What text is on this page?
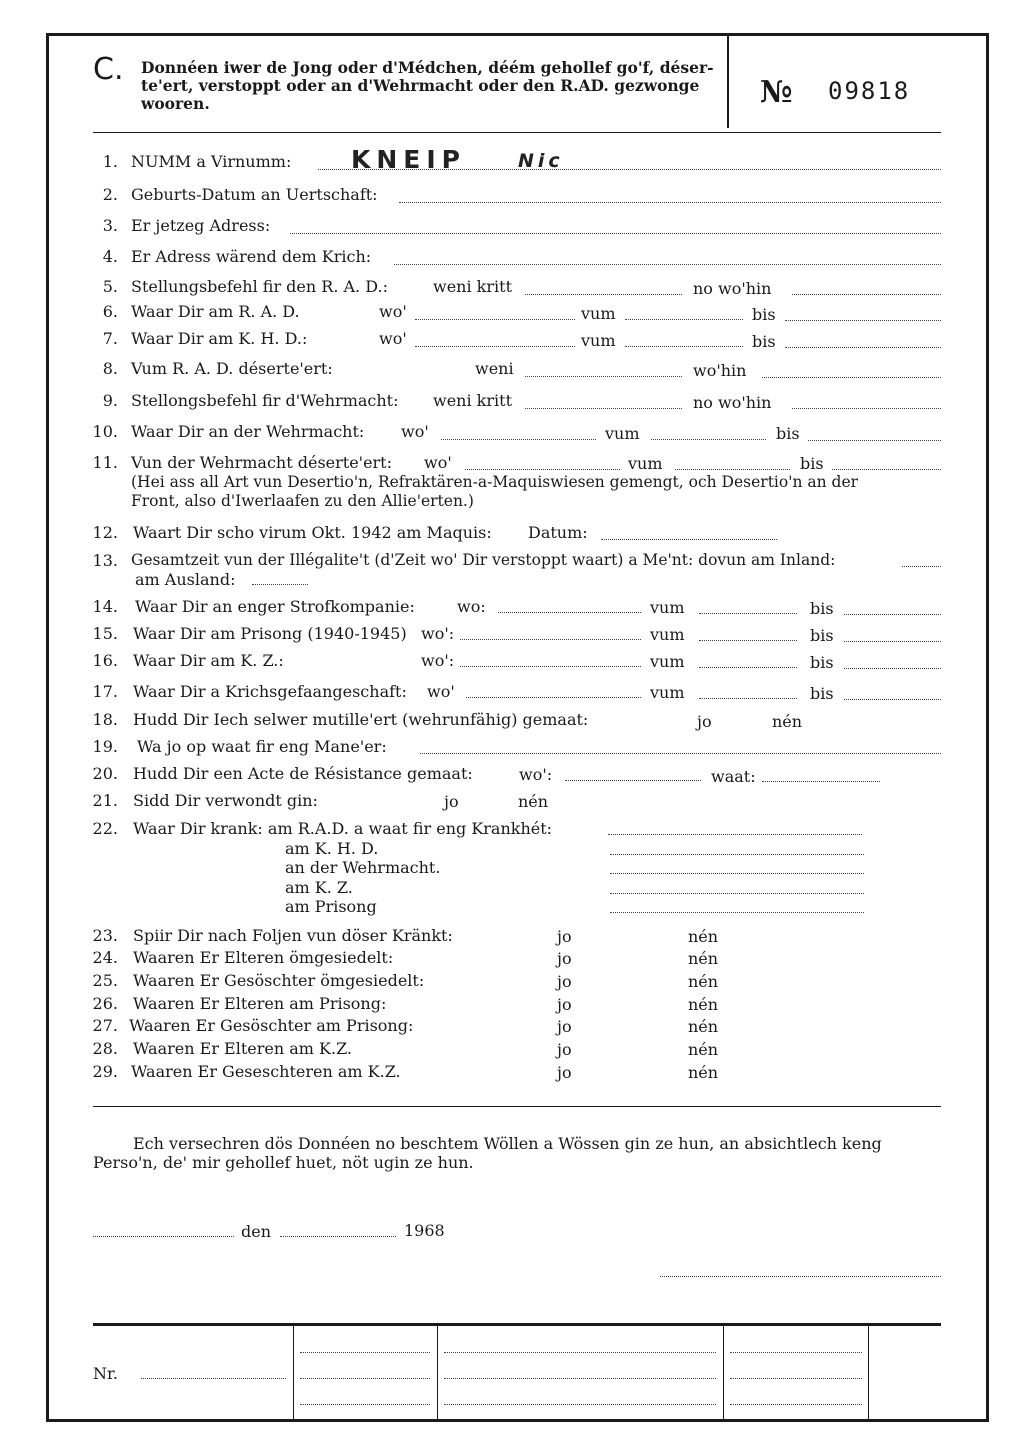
C. Donnéen iwer de Jong oder d'Médchen, déém gehollef go'f, déser-
te'ert, verstoppt oder an d'Wehrmacht oder den R.AD. gezwonge
wooren.	№ 09818
KNEIP	Nic
1. NUMM a Virnumm:
2. Geburts-Datum an Uertschaft:
3. Er jetzeg Adress:
4. Er Adress wärend dem Krich:
5. Stellungsbefehl fir den R. A. D.:	weni kritt	no wo'hin
6. Waar Dir am R. A. D.	wo'	vum	bis
7. Waar Dir am K. H. D.:	wo'	vum	bis
8. Vum R. A. D. déserte'ert:	weni	wo'hin
9. Stellongsbefehl fir d'Wehrmacht: weni kritt	no wo'hin
10. Waar Dir an der Wehrmacht: wo'	vum	bis
11. Vun der Wehrmacht déserte'ert: wo'	vum	bis
(Hei ass all Art vun Desertio'n, Refraktären-a-Maquiswiesen gemengt, och Desertio'n an der
Front, also d'Iwerlaafen zu den Allie'erten.)
12. Waart Dir scho virum Okt. 1942 am Maquis: Datum:
13. Gesamtzeit vun der Illégalite't (d'Zeit wo' Dir verstoppt waart) a Me'nt: dovun am Inland:
am Ausland:
14. Waar Dir an enger Strofkompanie:	wo:	vum	bis
15. Waar Dir am Prisong (1940-1945) wo':	vum	bis
16. Waar Dir am K. Z.:	wo':	vum	bis
17. Waar Dir a Krichsgefaangeschaft: wo'	vum	bis
18. Hudd Dir Iech selwer mutille'ert (wehrunfähig) gemaat:	jo	nén
19. Wa jo op waat fir eng Mane'er:
20. Hudd Dir een Acte de Résistance gemaat:	wo':	waat:
21. Sidd Dir verwondt gin:	jo	nén
22. Waar Dir krank: am R.A.D. a waat fir eng Krankhét:
am K. H. D.
an der Wehrmacht.
am K. Z.
am Prisong
23. Spiir Dir nach Foljen vun döser Kränkt:	jo	nén
24. Waaren Er Elteren ömgesiedelt:	jo	nén
25. Waaren Er Gesöschter ömgesiedelt:	jo	nén
26. Waaren Er Elteren am Prisong:	jo	nén
27. Waaren Er Gesöschter am Prisong:	jo	nén
28. Waaren Er Elteren am K.Z.	jo	nén
29. Waaren Er Geseschteren am K.Z.	jo	nén
Ech versechren dös Donnéen no beschtem Wöllen a Wössen gin ze hun, an absichtlech keng
Perso'n, de' mir gehollef huet, nöt ugin ze hun.
den	1968
Nr.
